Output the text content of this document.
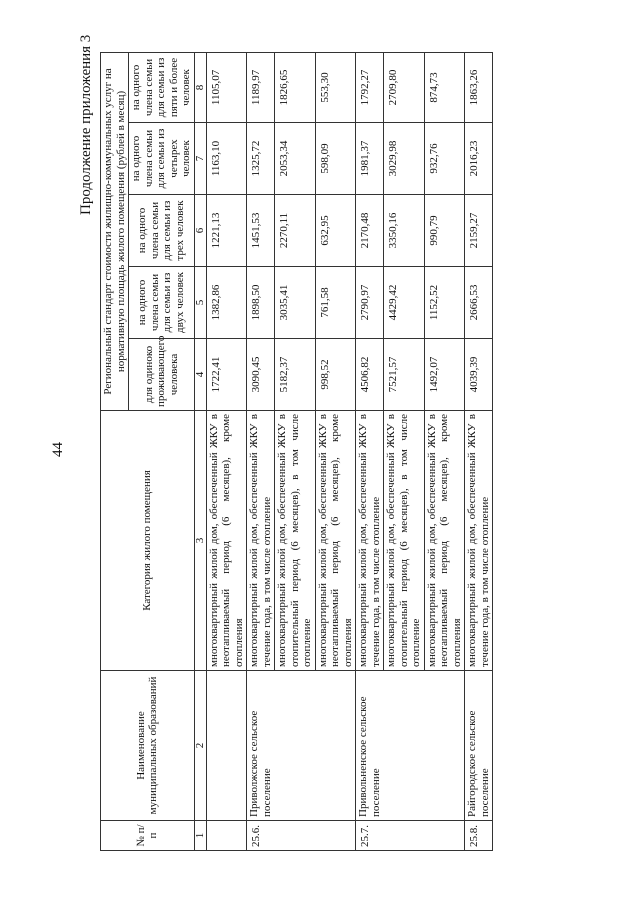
44
Продолжение приложения 3
№ п/п	Наименование муниципальных образований	Категория жилого помещения	Региональный стандарт стоимости жилищно-коммунальных услуг на нормативную площадь жилого помещения (рублей в месяц)				
			для одиноко проживающего человека	на одного члена семьи для семьи из двух человек	на одного члена семьи для семьи из трех человек	на одного члена семьи для семьи из четырех человек	на одного члена семьи для семьи из пяти и более человек
1	2	3	4	5	6	7	8
		многоквартирный жилой дом, обеспеченный ЖКУ в неотапливаемый период (6 месяцев), кроме отопления	1722,41	1382,86	1221,13	1163,10	1105,07
25.6.	Приволжское сельское поселение	многоквартирный жилой дом, обеспеченный ЖКУ в течение года, в том числе отопление	3090,45	1898,50	1451,53	1325,72	1189,97
		многоквартирный жилой дом, обеспеченный ЖКУ в отопительный период (6 месяцев), в том числе отопление	5182,37	3035,41	2270,11	2053,34	1826,65
		многоквартирный жилой дом, обеспеченный ЖКУ в неотапливаемый период (6 месяцев), кроме отопления	998,52	761,58	632,95	598,09	553,30
25.7.	Привольненское сельское поселение	многоквартирный жилой дом, обеспеченный ЖКУ в течение года, в том числе отопление	4506,82	2790,97	2170,48	1981,37	1792,27
		многоквартирный жилой дом, обеспеченный ЖКУ в отопительный период (6 месяцев), в том числе отопление	7521,57	4429,42	3350,16	3029,98	2709,80
		многоквартирный жилой дом, обеспеченный ЖКУ в неотапливаемый период (6 месяцев), кроме отопления	1492,07	1152,52	990,79	932,76	874,73
25.8.	Райгородское сельское поселение	многоквартирный жилой дом, обеспеченный ЖКУ в течение года, в том числе отопление	4039,39	2666,53	2159,27	2016,23	1863,26
